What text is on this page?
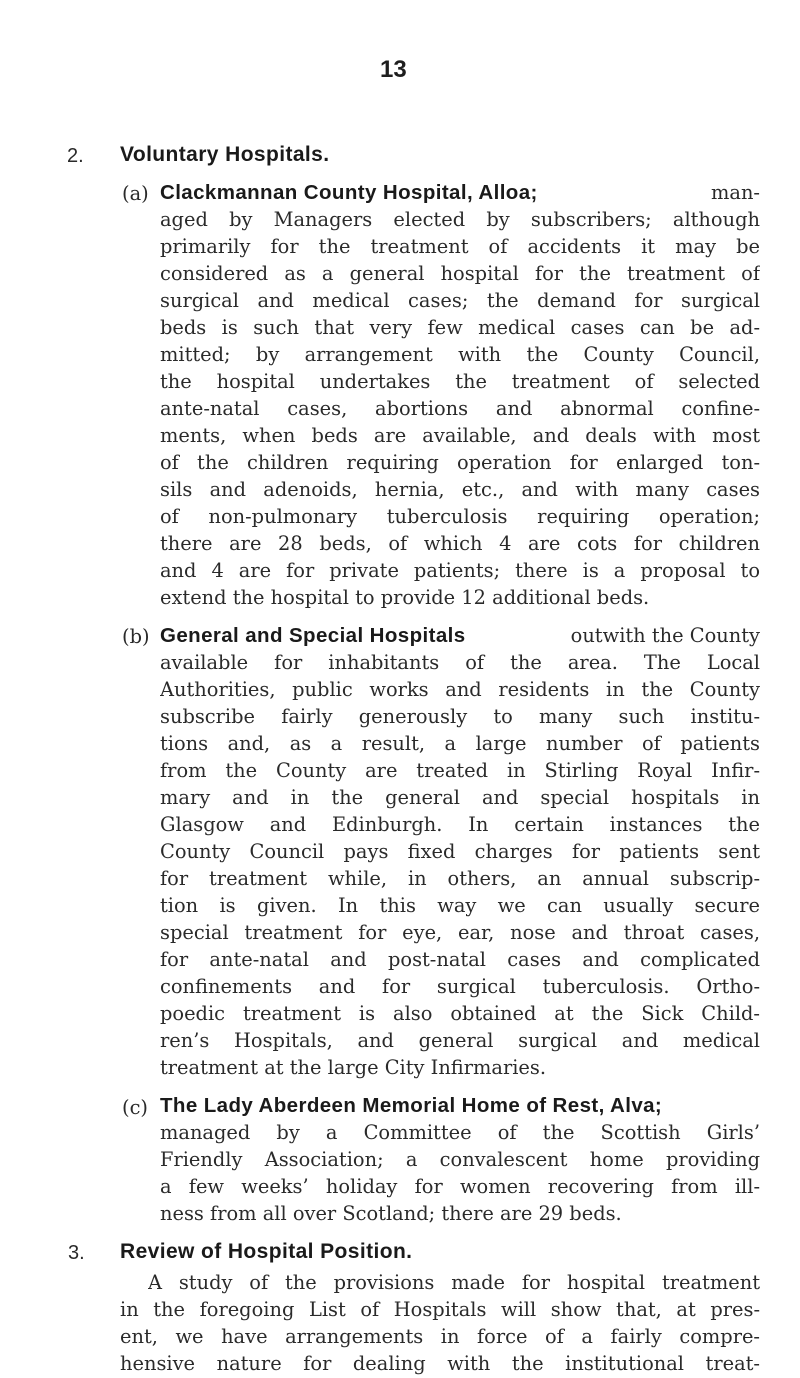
13
2. Voluntary Hospitals.
(a) Clackmannan County Hospital, Alloa;	man-
aged by Managers elected by subscribers; although
primarily for the treatment of accidents it may be
considered as a general hospital for the treatment of
surgical and medical cases; the demand for surgical
beds is such that very few medical cases can be ad-
mitted; by arrangement with the County Council,
the hospital undertakes the treatment of selected
ante-natal cases, abortions and abnormal confine-
ments, when beds are available, and deals with most
of the children requiring operation for enlarged ton-
sils and adenoids, hernia, etc., and with many cases
of non-pulmonary tuberculosis requiring operation;
there are 28 beds, of which 4 are cots for children
and 4 are for private patients; there is a proposal to
extend the hospital to provide 12 additional beds.
(b) General and Special Hospitals	outwith the County
available for inhabitants of the area. The Local
Authorities, public works and residents in the County
subscribe fairly generously to many such institu-
tions and, as a result, a large number of patients
from the County are treated in Stirling Royal Infir-
mary and in the general and special hospitals in
Glasgow and Edinburgh. In certain instances the
County Council pays fixed charges for patients sent
for treatment while, in others, an annual subscrip-
tion is given. In this way we can usually secure
special treatment for eye, ear, nose and throat cases,
for ante-natal and post-natal cases and complicated
confinements and for surgical tuberculosis. Ortho-
poedic treatment is also obtained at the Sick Child-
ren’s Hospitals, and general surgical and medical
treatment at the large City Infirmaries.
(c) The Lady Aberdeen Memorial Home of Rest, Alva;
managed by a Committee of the Scottish Girls’
Friendly Association; a convalescent home providing
a few weeks’ holiday for women recovering from ill-
ness from all over Scotland; there are 29 beds.
3. Review of Hospital Position.
A study of the provisions made for hospital treatment
in the foregoing List of Hospitals will show that, at pres-
ent, we have arrangements in force of a fairly compre-
hensive nature for dealing with the institutional treat-
